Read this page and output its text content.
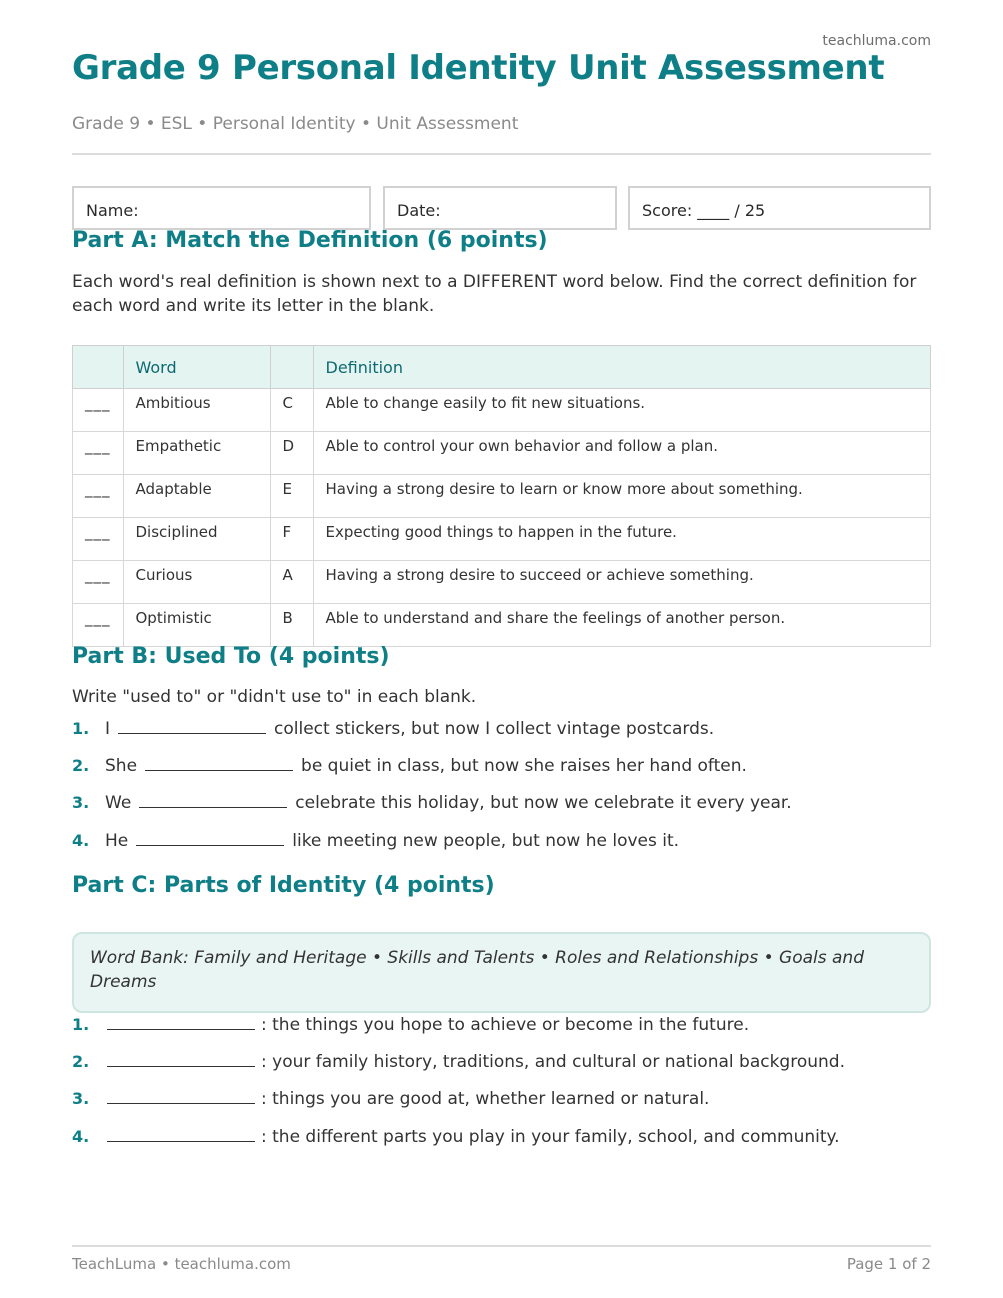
teachluma.com
Grade 9 Personal Identity Unit Assessment
Grade 9 • ESL • Personal Identity • Unit Assessment
Name:	Date:	Score: ____ / 25
Part A: Match the Definition (6 points)

Each word's real definition is shown next to a DIFFERENT word below. Find the correct definition for each word and write its letter in the blank.

	Word		Definition
___	Ambitious	C	Able to change easily to fit new situations.
___	Empathetic	D	Able to control your own behavior and follow a plan.
___	Adaptable	E	Having a strong desire to learn or know more about something.
___	Disciplined	F	Expecting good things to happen in the future.
___	Curious	A	Having a strong desire to succeed or achieve something.
___	Optimistic	B	Able to understand and share the feelings of another person.
Part B: Used To (4 points)

Write "used to" or "didn't use to" in each blank.

1. I	collect stickers, but now I collect vintage postcards.
2. She	be quiet in class, but now she raises her hand often.
3. We	celebrate this holiday, but now we celebrate it every year.
4. He	like meeting new people, but now he loves it.
Part C: Parts of Identity (4 points)
Word Bank: Family and Heritage • Skills and Talents • Roles and Relationships • Goals and Dreams
1.	: the things you hope to achieve or become in the future.
2.	: your family history, traditions, and cultural or national background.
3.	: things you are good at, whether learned or natural.
4.	: the different parts you play in your family, school, and community.
TeachLuma • teachluma.com	Page 1 of 2
